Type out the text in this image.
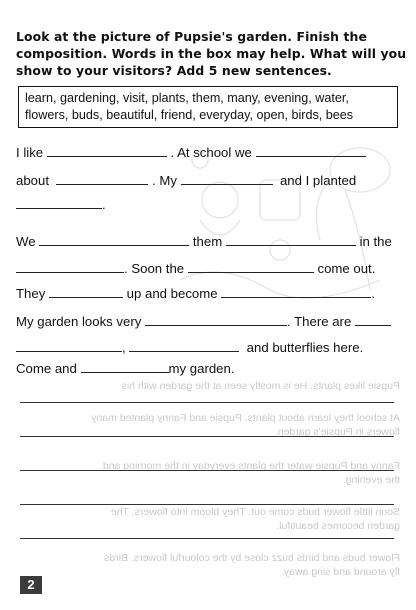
Look at the picture of Pupsie's garden. Finish the composition. Words in the box may help. What will you show to your visitors? Add 5 new sentences.
learn, gardening, visit, plants, them, many, evening, water, flowers, buds, beautiful, friend, everyday, open, birds, bees
I like	. At school we
about	. My	and I planted
.
We	them	in the
. Soon the	come out.
They	up and become	.
My garden looks very	. There are
,	and butterflies here.
Come and	my garden.
Pupsie likes plants. He is mostly seen at the garden with his
At school they learn about plants. Pupsie and Fanny planted many
flowers in Pupsie's garden.
Fanny and Pupsie water the plants everyday in the morning and
the evening.
Soon little flower buds come out. They bloom into flowers. The
garden becomes beautiful.
Flower buds and birds buzz close by the colourful flowers. Birds
fly around and sing away.
2
